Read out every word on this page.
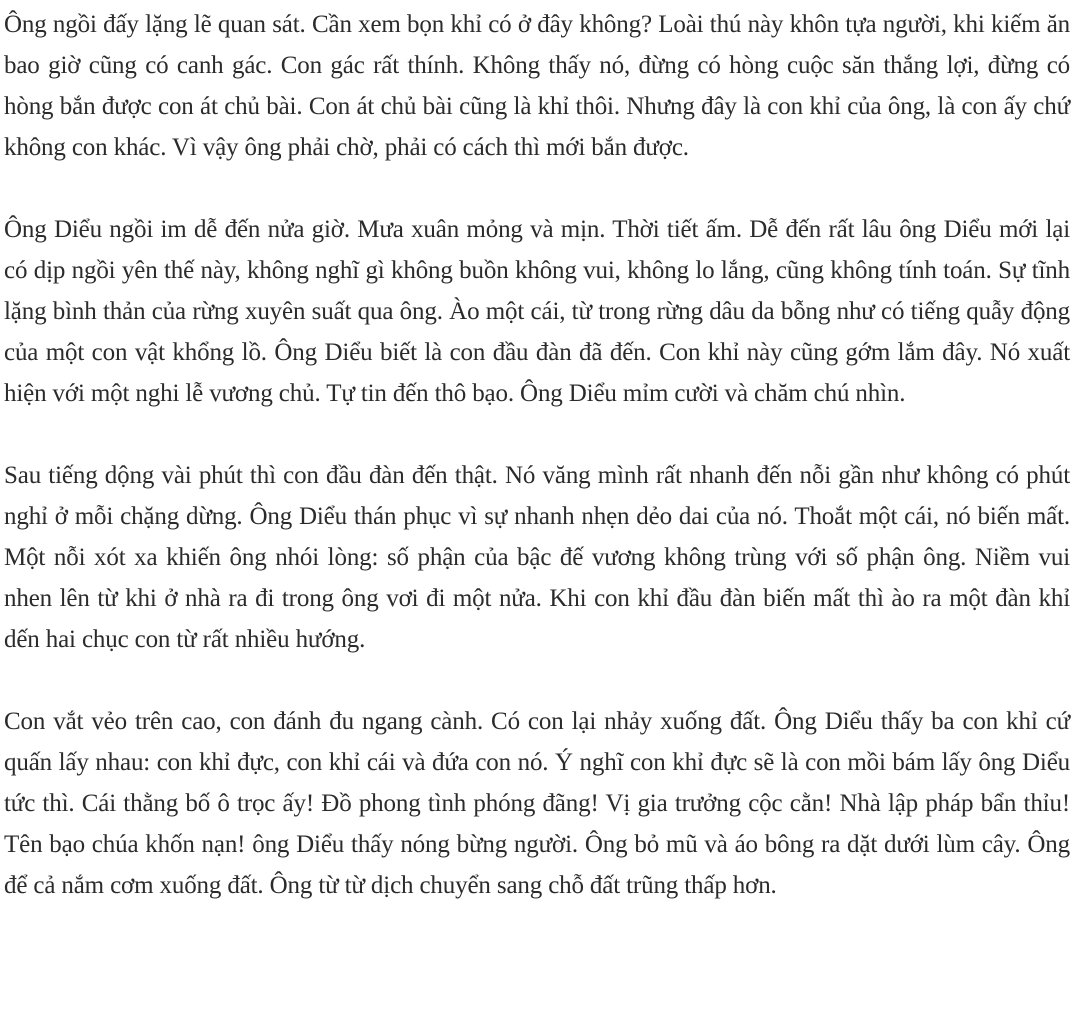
Ông ngồi đấy lặng lẽ quan sát. Cần xem bọn khỉ có ở đây không? Loài thú này khôn tựa người, khi kiếm ăn bao giờ cũng có canh gác. Con gác rất thính. Không thấy nó, đừng có hòng cuộc săn thắng lợi, đừng có hòng bắn được con át chủ bài. Con át chủ bài cũng là khỉ thôi. Nhưng đây là con khỉ của ông, là con ấy chứ không con khác. Vì vậy ông phải chờ, phải có cách thì mới bắn được.

Ông Diểu ngồi im dễ đến nửa giờ. Mưa xuân mỏng và mịn. Thời tiết ấm. Dễ đến rất lâu ông Diểu mới lại có dịp ngồi yên thế này, không nghĩ gì không buồn không vui, không lo lắng, cũng không tính toán. Sự tĩnh lặng bình thản của rừng xuyên suất qua ông. Ào một cái, từ trong rừng dâu da bỗng như có tiếng quẫy động của một con vật khổng lồ. Ông Diểu biết là con đầu đàn đã đến. Con khỉ này cũng gớm lắm đây. Nó xuất hiện với một nghi lễ vương chủ. Tự tin đến thô bạo. Ông Diểu mỉm cười và chăm chú nhìn.

Sau tiếng dộng vài phút thì con đầu đàn đến thật. Nó văng mình rất nhanh đến nỗi gần như không có phút nghỉ ở mỗi chặng dừng. Ông Diểu thán phục vì sự nhanh nhẹn dẻo dai của nó. Thoắt một cái, nó biến mất. Một nỗi xót xa khiến ông nhói lòng: số phận của bậc đế vương không trùng với số phận ông. Niềm vui nhen lên từ khi ở nhà ra đi trong ông vơi đi một nửa. Khi con khỉ đầu đàn biến mất thì ào ra một đàn khỉ dến hai chục con từ rất nhiều hướng.

Con vắt vẻo trên cao, con đánh đu ngang cành. Có con lại nhảy xuống đất. Ông Diểu thấy ba con khỉ cứ quấn lấy nhau: con khỉ đực, con khỉ cái và đứa con nó. Ý nghĩ con khỉ đực sẽ là con mồi bám lấy ông Diểu tức thì. Cái thằng bố ô trọc ấy! Đồ phong tình phóng đãng! Vị gia trưởng cộc cằn! Nhà lập pháp bẩn thỉu! Tên bạo chúa khốn nạn! ông Diểu thấy nóng bừng người. Ông bỏ mũ và áo bông ra dặt dưới lùm cây. Ông để cả nắm cơm xuống đất. Ông từ từ dịch chuyển sang chỗ đất trũng thấp hơn.
